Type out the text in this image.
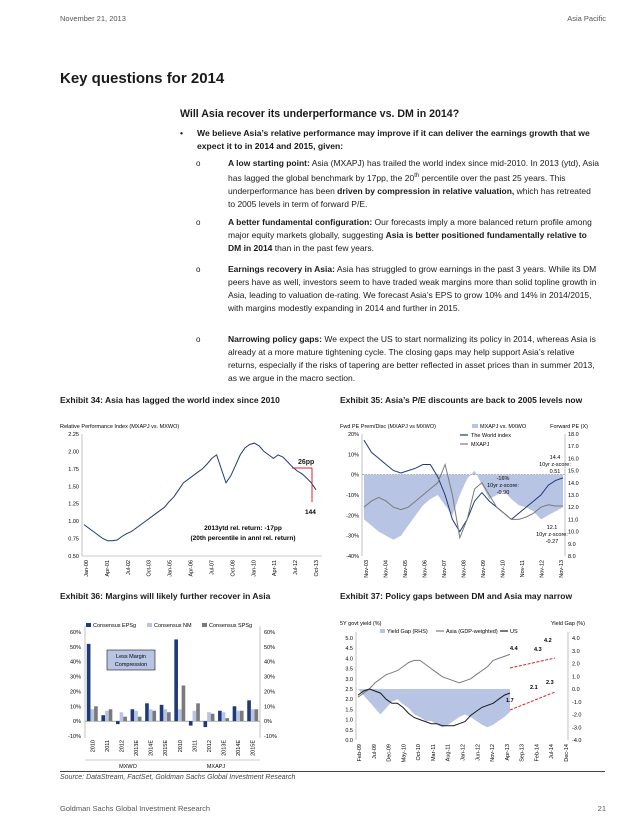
November 21, 2013	Asia Pacific
Key questions for 2014
Will Asia recover its underperformance vs. DM in 2014?
•	We believe Asia’s relative performance may improve if it can deliver the earnings growth that we expect it to in 2014 and 2015, given:
o	A low starting point: Asia (MXAPJ) has trailed the world index since mid-2010. In 2013 (ytd), Asia has lagged the global benchmark by 17pp, the 20th percentile over the past 25 years. This underperformance has been driven by compression in relative valuation, which has retreated to 2005 levels in term of forward P/E.
o	A better fundamental configuration: Our forecasts imply a more balanced return profile among major equity markets globally, suggesting Asia is better positioned fundamentally relative to DM in 2014 than in the past few years.
o	Earnings recovery in Asia: Asia has struggled to grow earnings in the past 3 years. While its DM peers have as well, investors seem to have traded weak margins more than solid topline growth in Asia, leading to valuation de-rating. We forecast Asia’s EPS to grow 10% and 14% in 2014/2015, with margins modestly expanding in 2014 and further in 2015.
o	Narrowing policy gaps: We expect the US to start normalizing its policy in 2014, whereas Asia is already at a more mature tightening cycle. The closing gaps may help support Asia’s relative returns, especially if the risks of tapering are better reflected in asset prices than in summer 2013, as we argue in the macro section.
Exhibit 34: Asia has lagged the world index since 2010	Exhibit 35: Asia’s P/E discounts are back to 2005 levels now
Exhibit 36: Margins will likely further recover in Asia	Exhibit 37: Policy gaps between DM and Asia may narrow
Relative Performance Index (MXAPJ vs. MXWO)
2.25
2.00
1.75
1.50
1.25
1.00
0.75
0.50
Jan-00	Apr-01	Jul-02	Oct-03	Jan-05	Apr-06	Jul-07	Oct-08	Jan-10	Apr-11	Jul-12	Oct-13
26pp
144
2013ytd rel. return: -17pp
(20th percentile in annl rel. return)
Fwd PE Prem/Disc (MXAPJ vs MXWO)	Forward PE (X)
20%
10%
0%
-10%
-20%
-30%
-40%
18.0
17.0
16.0
15.0
14.0
13.0
12.0
11.0
10.0
9.0
8.0
Nov-03 Nov-04 Nov-05 Nov-06 Nov-07 Nov-08 Nov-09 Nov-10 Nov-11 Nov-12 Nov-13
MXAPJ vs. MXWO
The World index
MXAPJ
14.4
10yr z-score:
0.51
-16%
10yr z-score:
-0.90
12.1
10yr z-score:
-0.27
60%
50%
40%
30%
20%
10%
0%
-10%
60%
50%
40%
30%
20%
10%
0%
-10%
Consensus EPSg	Consensus NM	Consensus SPSg
Less Margin
Compression
2010 2011 2012 2013E 2014E 2015E 2010 2011 2012 2013E 2014E 2015E
MXWO	MXAPJ
5Y govt yield (%)	Yield Gap (%)
5.0
4.5
4.0
3.5
3.0
2.5
2.0
1.5
1.0
0.5
0.0
4.0
3.0
2.0
1.0
0.0
-1.0
-2.0
-3.0
-4.0
Yield Gap (RHS)	Asia (GDP-weighted) US
4.2
4.3
4.4
2.3
2.1
1.7
Feb-09 Jul-09 Dec-09 May-10 Oct-10 Mar-11 Aug-11 Jan-12 Jun-12 Nov-12 Apr-13 Sep-13 Feb-14 Jul-14 Dec-14
Source: DataStream, FactSet, Goldman Sachs Global Investment Research
Goldman Sachs Global Investment Research	21
